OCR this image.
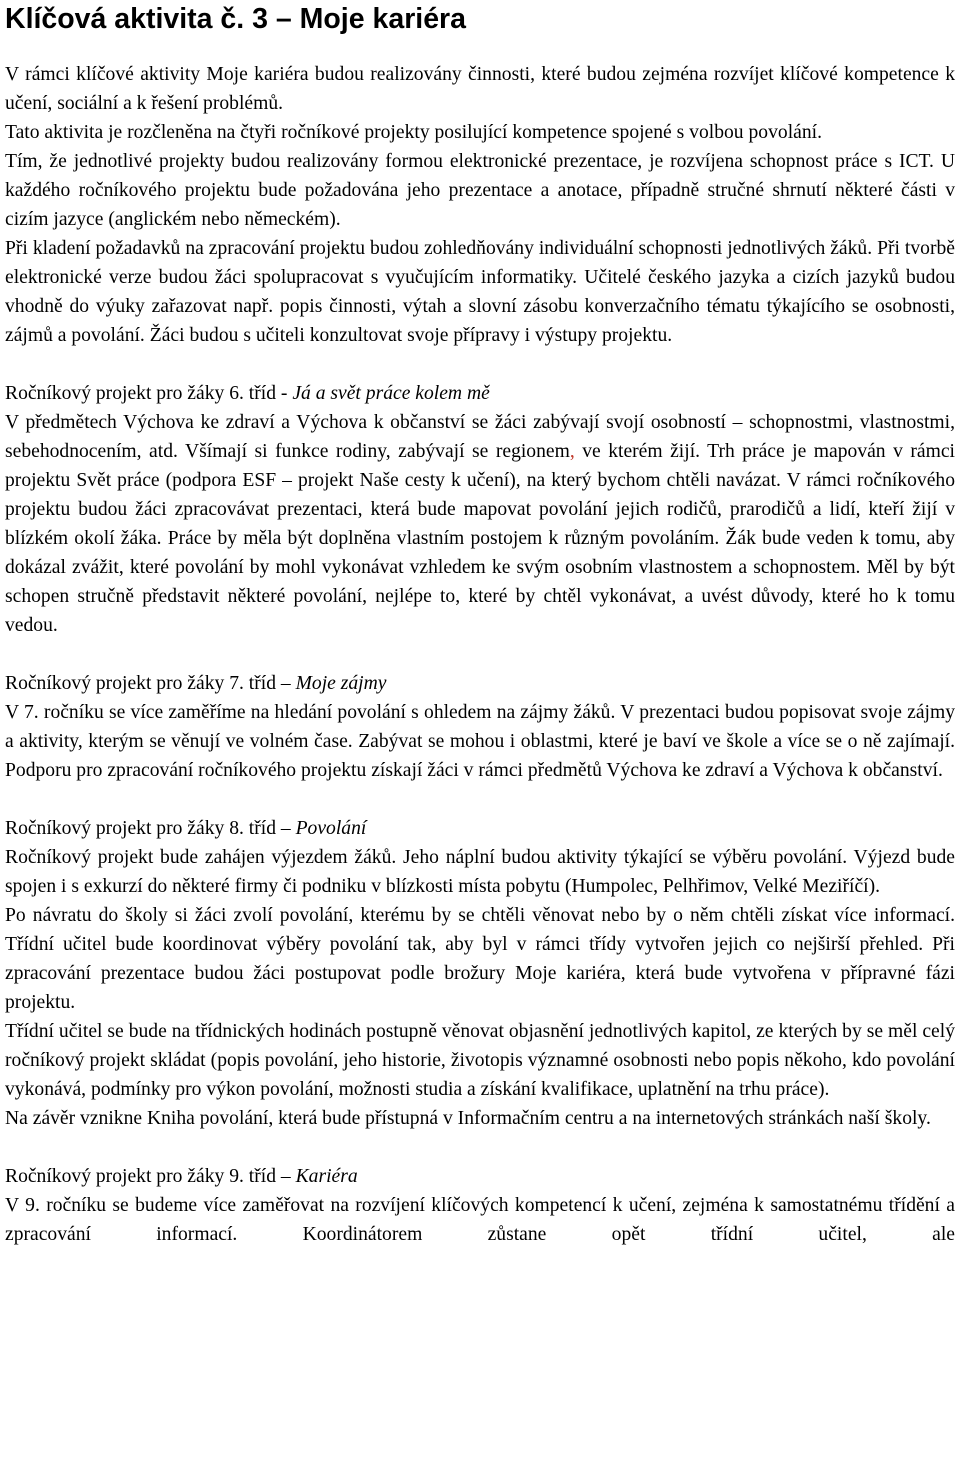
Klíčová aktivita č. 3 – Moje kariéra

V rámci klíčové aktivity Moje kariéra budou realizovány činnosti, které budou zejména rozvíjet klíčové kompetence k učení, sociální a k řešení problémů.

Tato aktivita je rozčleněna na čtyři ročníkové projekty posilující kompetence spojené s volbou povolání.

Tím, že jednotlivé projekty budou realizovány formou elektronické prezentace, je rozvíjena schopnost práce s ICT. U každého ročníkového projektu bude požadována jeho prezentace a anotace, případně stručné shrnutí některé části v cizím jazyce (anglickém nebo německém).

Při kladení požadavků na zpracování projektu budou zohledňovány individuální schopnosti jednotlivých žáků. Při tvorbě elektronické verze budou žáci spolupracovat s vyučujícím informatiky. Učitelé českého jazyka a cizích jazyků budou vhodně do výuky zařazovat např. popis činnosti, výtah a slovní zásobu konverzačního tématu týkajícího se osobnosti, zájmů a povolání. Žáci budou s učiteli konzultovat svoje přípravy i výstupy projektu.

Ročníkový projekt pro žáky 6. tříd - Já a svět práce kolem mě

V předmětech Výchova ke zdraví a Výchova k občanství se žáci zabývají svojí osobností – schopnostmi, vlastnostmi, sebehodnocením, atd. Všímají si funkce rodiny, zabývají se regionem, ve kterém žijí. Trh práce je mapován v rámci projektu Svět práce (podpora ESF – projekt Naše cesty k učení), na který bychom chtěli navázat. V rámci ročníkového projektu budou žáci zpracovávat prezentaci, která bude mapovat povolání jejich rodičů, prarodičů a lidí, kteří žijí v blízkém okolí žáka. Práce by měla být doplněna vlastním postojem k různým povoláním. Žák bude veden k tomu, aby dokázal zvážit, které povolání by mohl vykonávat vzhledem ke svým osobním vlastnostem a schopnostem. Měl by být schopen stručně představit některé povolání, nejlépe to, které by chtěl vykonávat, a uvést důvody, které ho k tomu vedou.

Ročníkový projekt pro žáky 7. tříd – Moje zájmy

V 7. ročníku se více zaměříme na hledání povolání s ohledem na zájmy žáků. V prezentaci budou popisovat svoje zájmy a aktivity, kterým se věnují ve volném čase. Zabývat se mohou i oblastmi, které je baví ve škole a více se o ně zajímají. Podporu pro zpracování ročníkového projektu získají žáci v rámci předmětů Výchova ke zdraví a Výchova k občanství.

Ročníkový projekt pro žáky 8. tříd – Povolání

Ročníkový projekt bude zahájen výjezdem žáků. Jeho náplní budou aktivity týkající se výběru povolání. Výjezd bude spojen i s exkurzí do některé firmy či podniku v blízkosti místa pobytu (Humpolec, Pelhřimov, Velké Meziříčí).

Po návratu do školy si žáci zvolí povolání, kterému by se chtěli věnovat nebo by o něm chtěli získat více informací. Třídní učitel bude koordinovat výběry povolání tak, aby byl v rámci třídy vytvořen jejich co nejširší přehled. Při zpracování prezentace budou žáci postupovat podle brožury Moje kariéra, která bude vytvořena v přípravné fázi projektu.

Třídní učitel se bude na třídnických hodinách postupně věnovat objasnění jednotlivých kapitol, ze kterých by se měl celý ročníkový projekt skládat (popis povolání, jeho historie, životopis významné osobnosti nebo popis někoho, kdo povolání vykonává, podmínky pro výkon povolání, možnosti studia a získání kvalifikace, uplatnění na trhu práce).

Na závěr vznikne Kniha povolání, která bude přístupná v Informačním centru a na internetových stránkách naší školy.

Ročníkový projekt pro žáky 9. tříd – Kariéra

V 9. ročníku se budeme více zaměřovat na rozvíjení klíčových kompetencí k učení, zejména k samostatnému třídění a zpracování informací. Koordinátorem zůstane opět třídní učitel, ale
